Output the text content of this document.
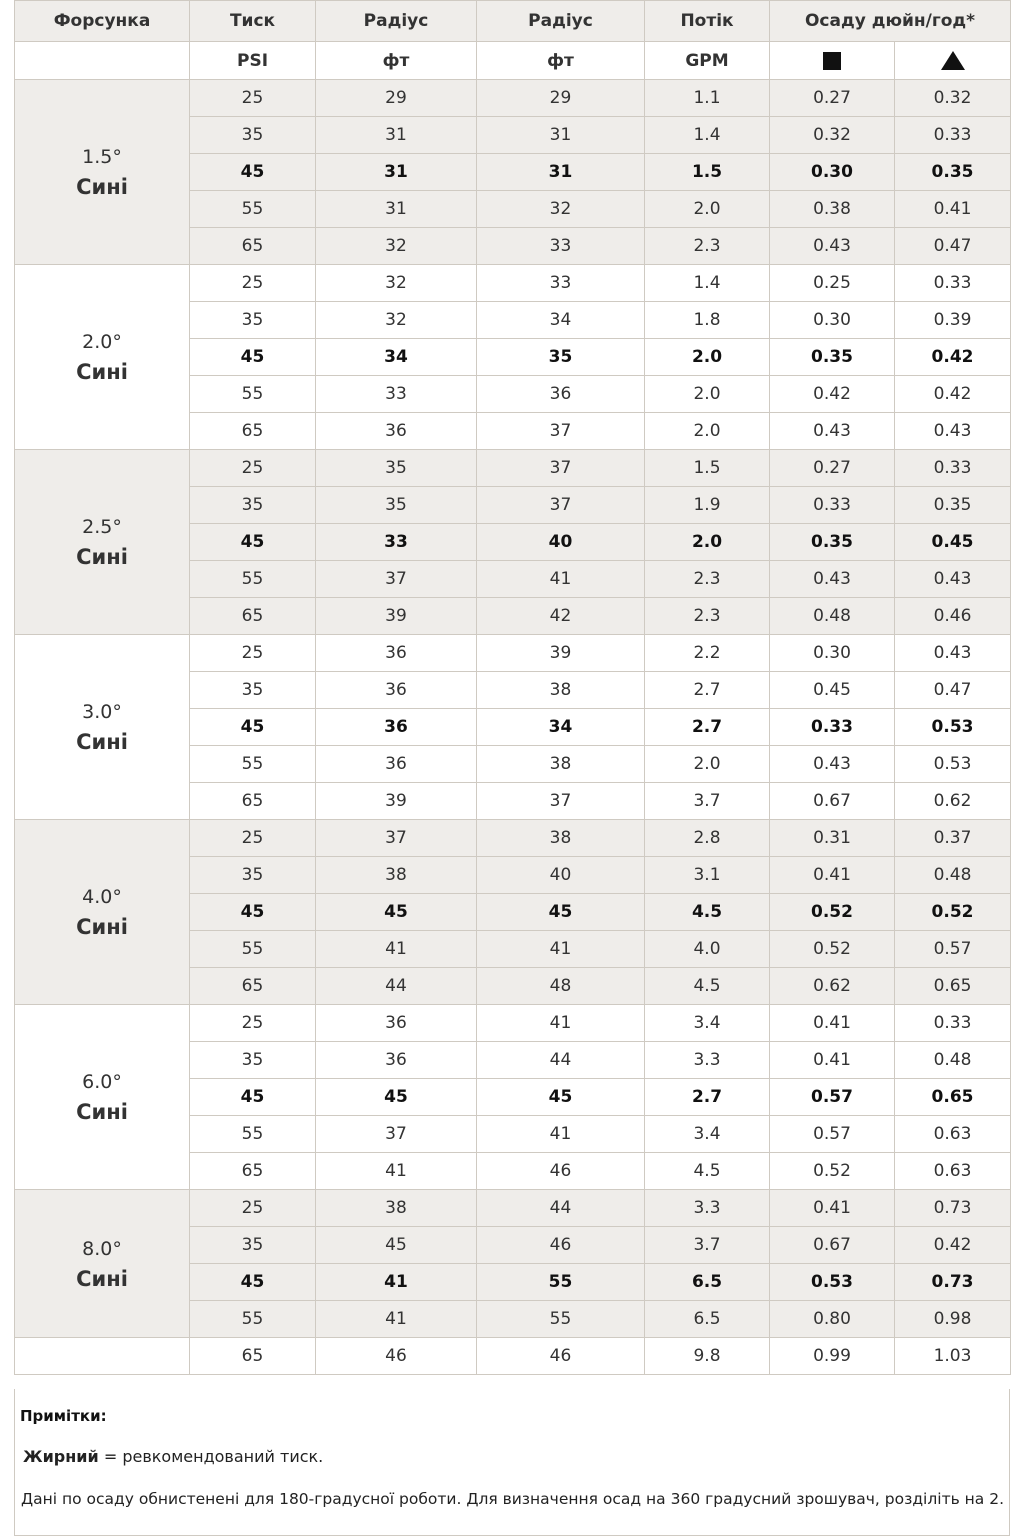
Форсунка	Тиск	Радіус	Радіус	Потік	Осаду дюйн/год*	
	PSI	фт	фт	GPM		

1.5°
Сині	25	29	29	1.1	0.27	0.32
	35	31	31	1.4	0.32	0.33
	45	31	31	1.5	0.30	0.35
	55	31	32	2.0	0.38	0.41
	65	32	33	2.3	0.43	0.47

2.0°
Сині	25	32	33	1.4	0.25	0.33
	35	32	34	1.8	0.30	0.39
	45	34	35	2.0	0.35	0.42
	55	33	36	2.0	0.42	0.42
	65	36	37	2.0	0.43	0.43

2.5°
Сині	25	35	37	1.5	0.27	0.33
	35	35	37	1.9	0.33	0.35
	45	33	40	2.0	0.35	0.45
	55	37	41	2.3	0.43	0.43
	65	39	42	2.3	0.48	0.46

3.0°
Сині	25	36	39	2.2	0.30	0.43
	35	36	38	2.7	0.45	0.47
	45	36	34	2.7	0.33	0.53
	55	36	38	2.0	0.43	0.53
	65	39	37	3.7	0.67	0.62

4.0°
Сині	25	37	38	2.8	0.31	0.37
	35	38	40	3.1	0.41	0.48
	45	45	45	4.5	0.52	0.52
	55	41	41	4.0	0.52	0.57
	65	44	48	4.5	0.62	0.65

6.0°
Сині	25	36	41	3.4	0.41	0.33
	35	36	44	3.3	0.41	0.48
	45	45	45	2.7	0.57	0.65
	55	37	41	3.4	0.57	0.63
	65	41	46	4.5	0.52	0.63

8.0°
Сині	25	38	44	3.3	0.41	0.73
	35	45	46	3.7	0.67	0.42
	45	41	55	6.5	0.53	0.73
	55	41	55	6.5	0.80	0.98
	65	46	46	9.8	0.99	1.03
Примітки:
Жирний = ревкомендований тиск.
Дані по осаду обнистенені для 180-градусної роботи. Для визначення осад на 360 градусний зрошувач, розділіть на 2.
